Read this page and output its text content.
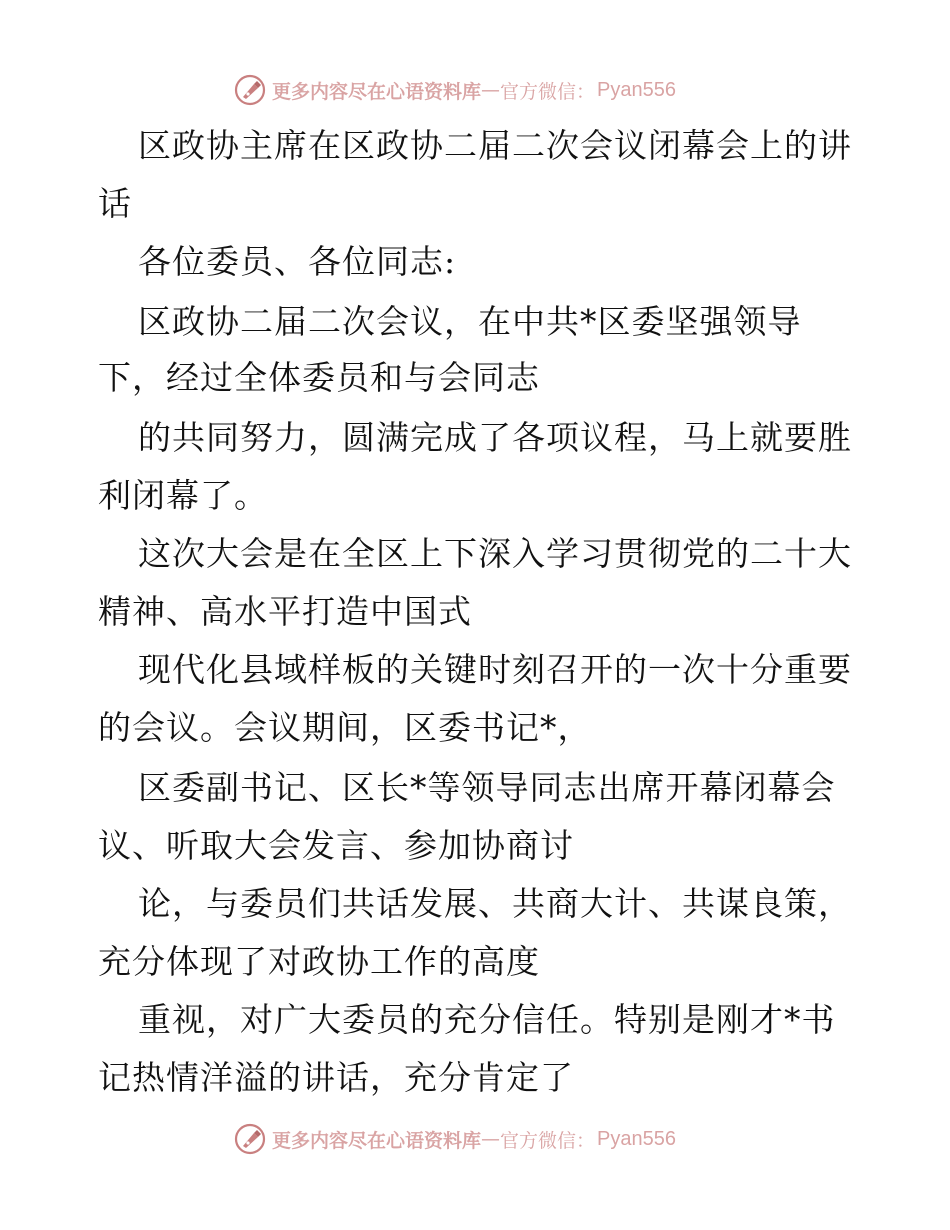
更多内容尽在心语资料库 — 官方微信： Pyan556
区政协主席在区政协二届二次会议闭幕会上的讲
话
各位委员、各位同志:
区政协二届二次会议，在中共*区委坚强领导
下，经过全体委员和与会同志
的共同努力，圆满完成了各项议程，马上就要胜
利闭幕了。
这次大会是在全区上下深入学习贯彻党的二十大
精神、高水平打造中国式
现代化县域样板的关键时刻召开的一次十分重要
的会议。会议期间，区委书记*，
区委副书记、区长*等领导同志出席开幕闭幕会
议、听取大会发言、参加协商讨
论，与委员们共话发展、共商大计、共谋良策，
充分体现了对政协工作的高度
重视，对广大委员的充分信任。特别是刚才*书
记热情洋溢的讲话，充分肯定了
更多内容尽在心语资料库 — 官方微信： Pyan556
